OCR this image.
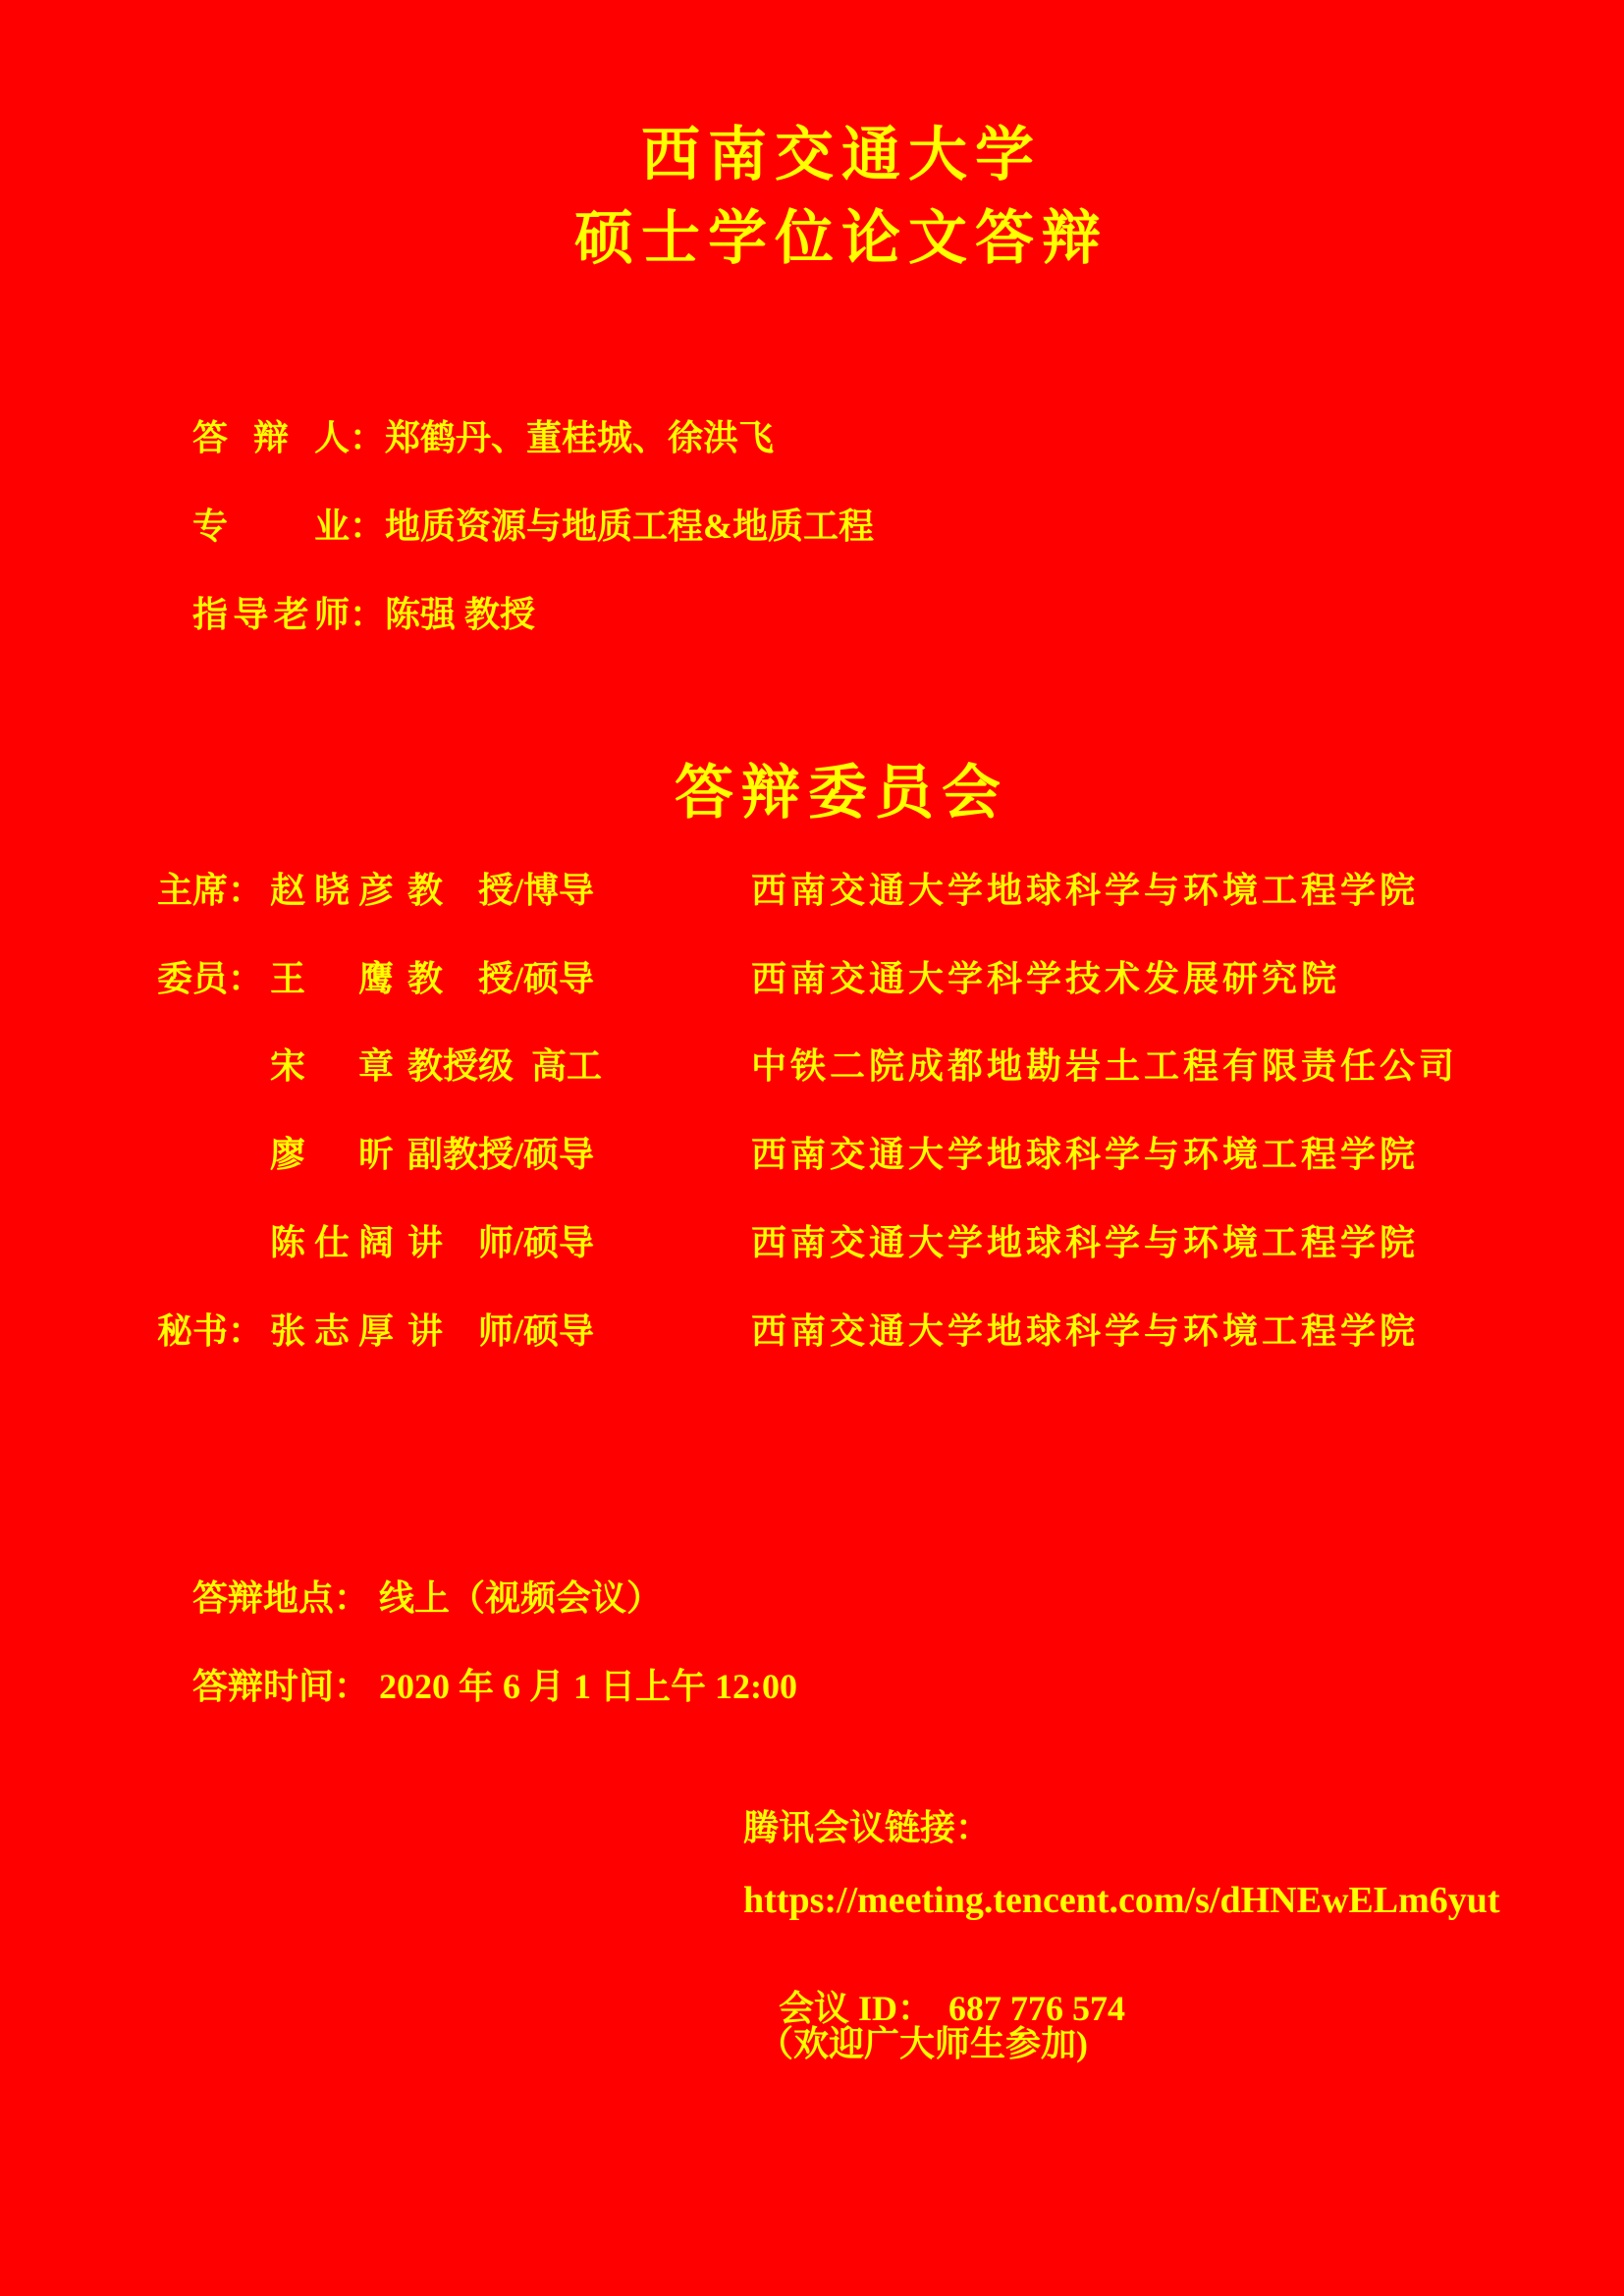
西南交通大学
硕士学位论文答辩

答辩人：郑鹤丹、董桂城、徐洪飞

专业：地质资源与地质工程&地质工程

指导老师：陈强 教授

答辩委员会
主席： 赵晓彦 教　授/博导	西南交通大学地球科学与环境工程学院
委员： 王鹰 教　授/硕导	西南交通大学科学技术发展研究院
宋章 教授级 高工	中铁二院成都地勘岩土工程有限责任公司
廖昕 副教授/硕导	西南交通大学地球科学与环境工程学院
陈仕阔 讲　师/硕导	西南交通大学地球科学与环境工程学院
秘书： 张志厚 讲　师/硕导	西南交通大学地球科学与环境工程学院

答辩地点： 线上（视频会议）

答辩时间： 2020 年 6 月 1 日上午 12:00

腾讯会议链接：
https://meeting.tencent.com/s/dHNEwELm6yut

会议 ID： 687 776 574

（欢迎广大师生参加)
